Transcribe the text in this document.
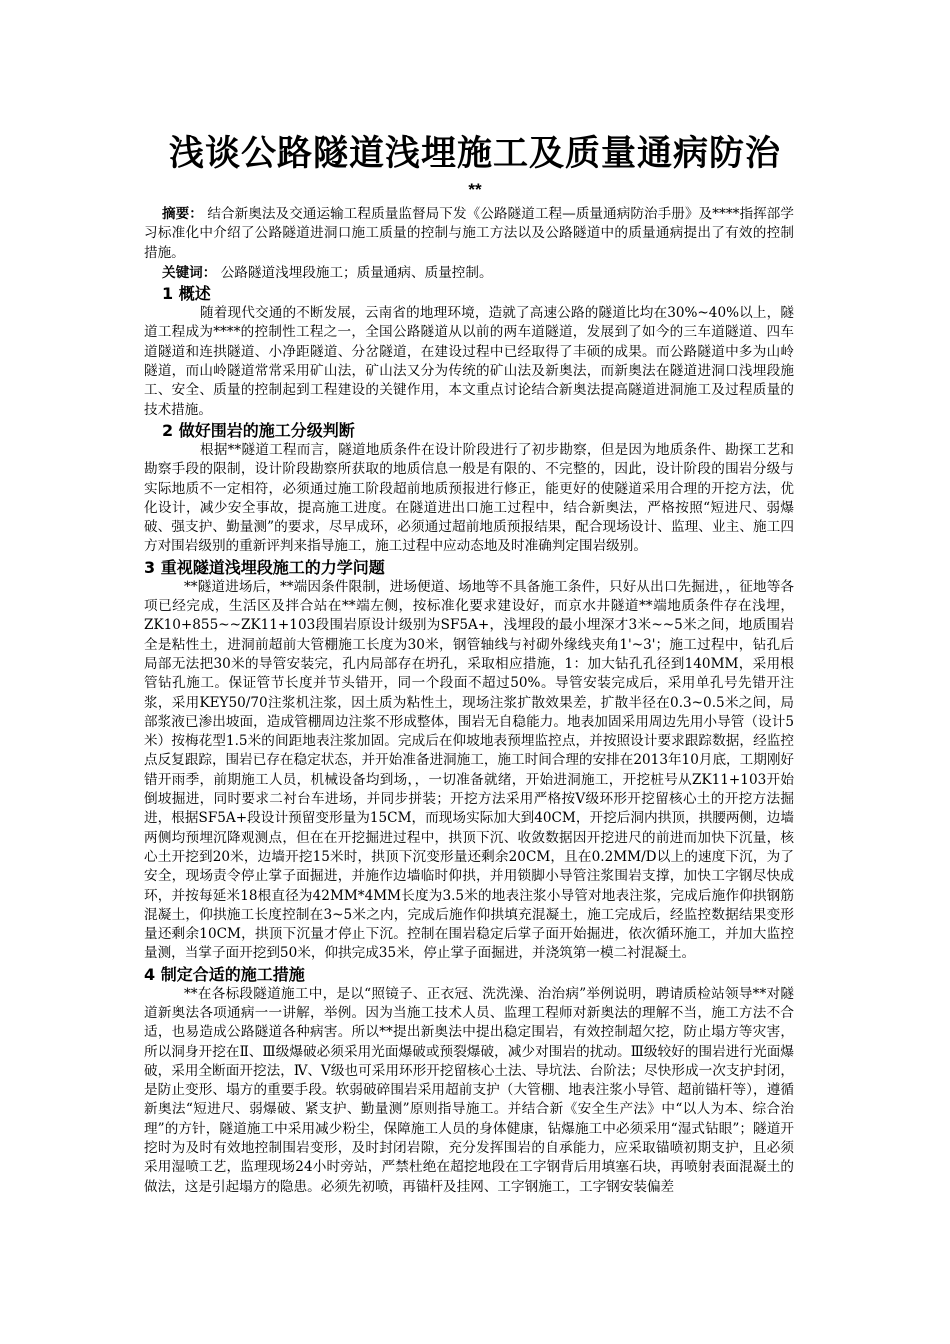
浅谈公路隧道浅埋施工及质量通病防治
**

摘要： 结合新奥法及交通运输工程质量监督局下发《公路隧道工程—质量通病防治手册》及****指挥部学习标准化中介绍了公路隧道进洞口施工质量的控制与施工方法以及公路隧道中的质量通病提出了有效的控制措施。

关键词： 公路隧道浅埋段施工；质量通病、质量控制。

1 概述

随着现代交通的不断发展，云南省的地理环境，造就了高速公路的隧道比均在30%~40%以上，隧道工程成为****的控制性工程之一，全国公路隧道从以前的两车道隧道，发展到了如今的三车道隧道、四车道隧道和连拱隧道、小净距隧道、分岔隧道，在建设过程中已经取得了丰硕的成果。而公路隧道中多为山岭隧道，而山岭隧道常常采用矿山法，矿山法又分为传统的矿山法及新奥法，而新奥法在隧道进洞口浅埋段施工、安全、质量的控制起到工程建设的关键作用，本文重点讨论结合新奥法提高隧道进洞施工及过程质量的技术措施。

2 做好围岩的施工分级判断

根据**隧道工程而言，隧道地质条件在设计阶段进行了初步勘察，但是因为地质条件、勘探工艺和勘察手段的限制，设计阶段勘察所获取的地质信息一般是有限的、不完整的，因此，设计阶段的围岩分级与实际地质不一定相符，必须通过施工阶段超前地质预报进行修正，能更好的使隧道采用合理的开挖方法，优化设计，减少安全事故，提高施工进度。在隧道进出口施工过程中，结合新奥法，严格按照“短进尺、弱爆破、强支护、勤量测”的要求，尽早成环，必须通过超前地质预报结果，配合现场设计、监理、业主、施工四方对围岩级别的重新评判来指导施工，施工过程中应动态地及时准确判定围岩级别。

3 重视隧道浅埋段施工的力学问题

**隧道进场后，**端因条件限制，进场便道、场地等不具备施工条件，只好从出口先掘进，，征地等各项已经完成，生活区及拌合站在**端左侧，按标准化要求建设好，而京水井隧道**端地质条件存在浅埋，ZK10+855~~ZK11+103段围岩原设计级别为SF5A+，浅埋段的最小埋深才3米~~5米之间，地质围岩全是粘性土，进洞前超前大管棚施工长度为30米，钢管轴线与衬砌外缘线夹角1'~3'；施工过程中，钻孔后局部无法把30米的导管安装完，孔内局部存在坍孔，采取相应措施，1：加大钻孔孔径到140MM，采用根管钻孔施工。保证管节长度并节头错开，同一个段面不超过50%。导管安装完成后，采用单孔号先错开注浆，采用KEY50/70注浆机注浆，因土质为粘性土，现场注浆扩散效果差，扩散半径在0.3~0.5米之间，局部浆液已渗出坡面，造成管棚周边注浆不形成整体，围岩无自稳能力。地表加固采用周边先用小导管（设计5米）按梅花型1.5米的间距地表注浆加固。完成后在仰坡地表预埋监控点，并按照设计要求跟踪数据，经监控点反复跟踪，围岩已存在稳定状态，并开始准备进洞施工，施工时间合理的安排在2013年10月底，工期刚好错开雨季，前期施工人员，机械设备均到场，，一切准备就绪，开始进洞施工，开挖桩号从ZK11+103开始倒坡掘进，同时要求二衬台车进场，并同步拼装；开挖方法采用严格按Ⅴ级环形开挖留核心土的开挖方法掘进，根据SF5A+段设计预留变形量为15CM，而现场实际加大到40CM，开挖后洞内拱顶，拱腰两侧，边墙两侧均预埋沉降观测点，但在在开挖掘进过程中，拱顶下沉、收敛数据因开挖进尺的前进而加快下沉量，核心土开挖到20米，边墙开挖15米时，拱顶下沉变形量还剩余20CM，且在0.2MM/D以上的速度下沉，为了安全，现场责令停止掌子面掘进，并施作边墙临时仰拱，并用锁脚小导管注浆围岩支撑，加快工字钢尽快成环，并按每延米18根直径为42MM*4MM长度为3.5米的地表注浆小导管对地表注浆，完成后施作仰拱钢筋混凝土，仰拱施工长度控制在3~5米之内，完成后施作仰拱填充混凝土，施工完成后，经监控数据结果变形量还剩余10CM，拱顶下沉量才停止下沉。控制在围岩稳定后掌子面开始掘进，依次循环施工，并加大监控量测，当掌子面开挖到50米，仰拱完成35米，停止掌子面掘进，并浇筑第一模二衬混凝土。

4 制定合适的施工措施

**在各标段隧道施工中，是以“照镜子、正衣冠、洗洗澡、治治病”举例说明，聘请质检站领导**对隧道新奥法各项通病一一讲解，举例。因为当施工技术人员、监理工程师对新奥法的理解不当，施工方法不合适，也易造成公路隧道各种病害。所以**提出新奥法中提出稳定围岩，有效控制超欠挖，防止塌方等灾害，所以洞身开挖在Ⅱ、Ⅲ级爆破必须采用光面爆破或预裂爆破，减少对围岩的扰动。Ⅲ级较好的围岩进行光面爆破，采用全断面开挖法，Ⅳ、Ⅴ级也可采用环形开挖留核心土法、导坑法、台阶法；尽快形成一次支护封闭，是防止变形、塌方的重要手段。软弱破碎围岩采用超前支护（大管棚、地表注浆小导管、超前锚杆等），遵循新奥法“短进尺、弱爆破、紧支护、勤量测”原则指导施工。并结合新《安全生产法》中“以人为本、综合治理”的方针，隧道施工中采用减少粉尘，保障施工人员的身体健康，钻爆施工中必须采用“湿式钻眼”；隧道开挖时为及时有效地控制围岩变形，及时封闭岩隙，充分发挥围岩的自承能力，应采取锚喷初期支护，且必须采用湿喷工艺，监理现场24小时旁站，严禁杜绝在超挖地段在工字钢背后用填塞石块，再喷射表面混凝土的做法，这是引起塌方的隐患。必须先初喷，再锚杆及挂网、工字钢施工，工字钢安装偏差
